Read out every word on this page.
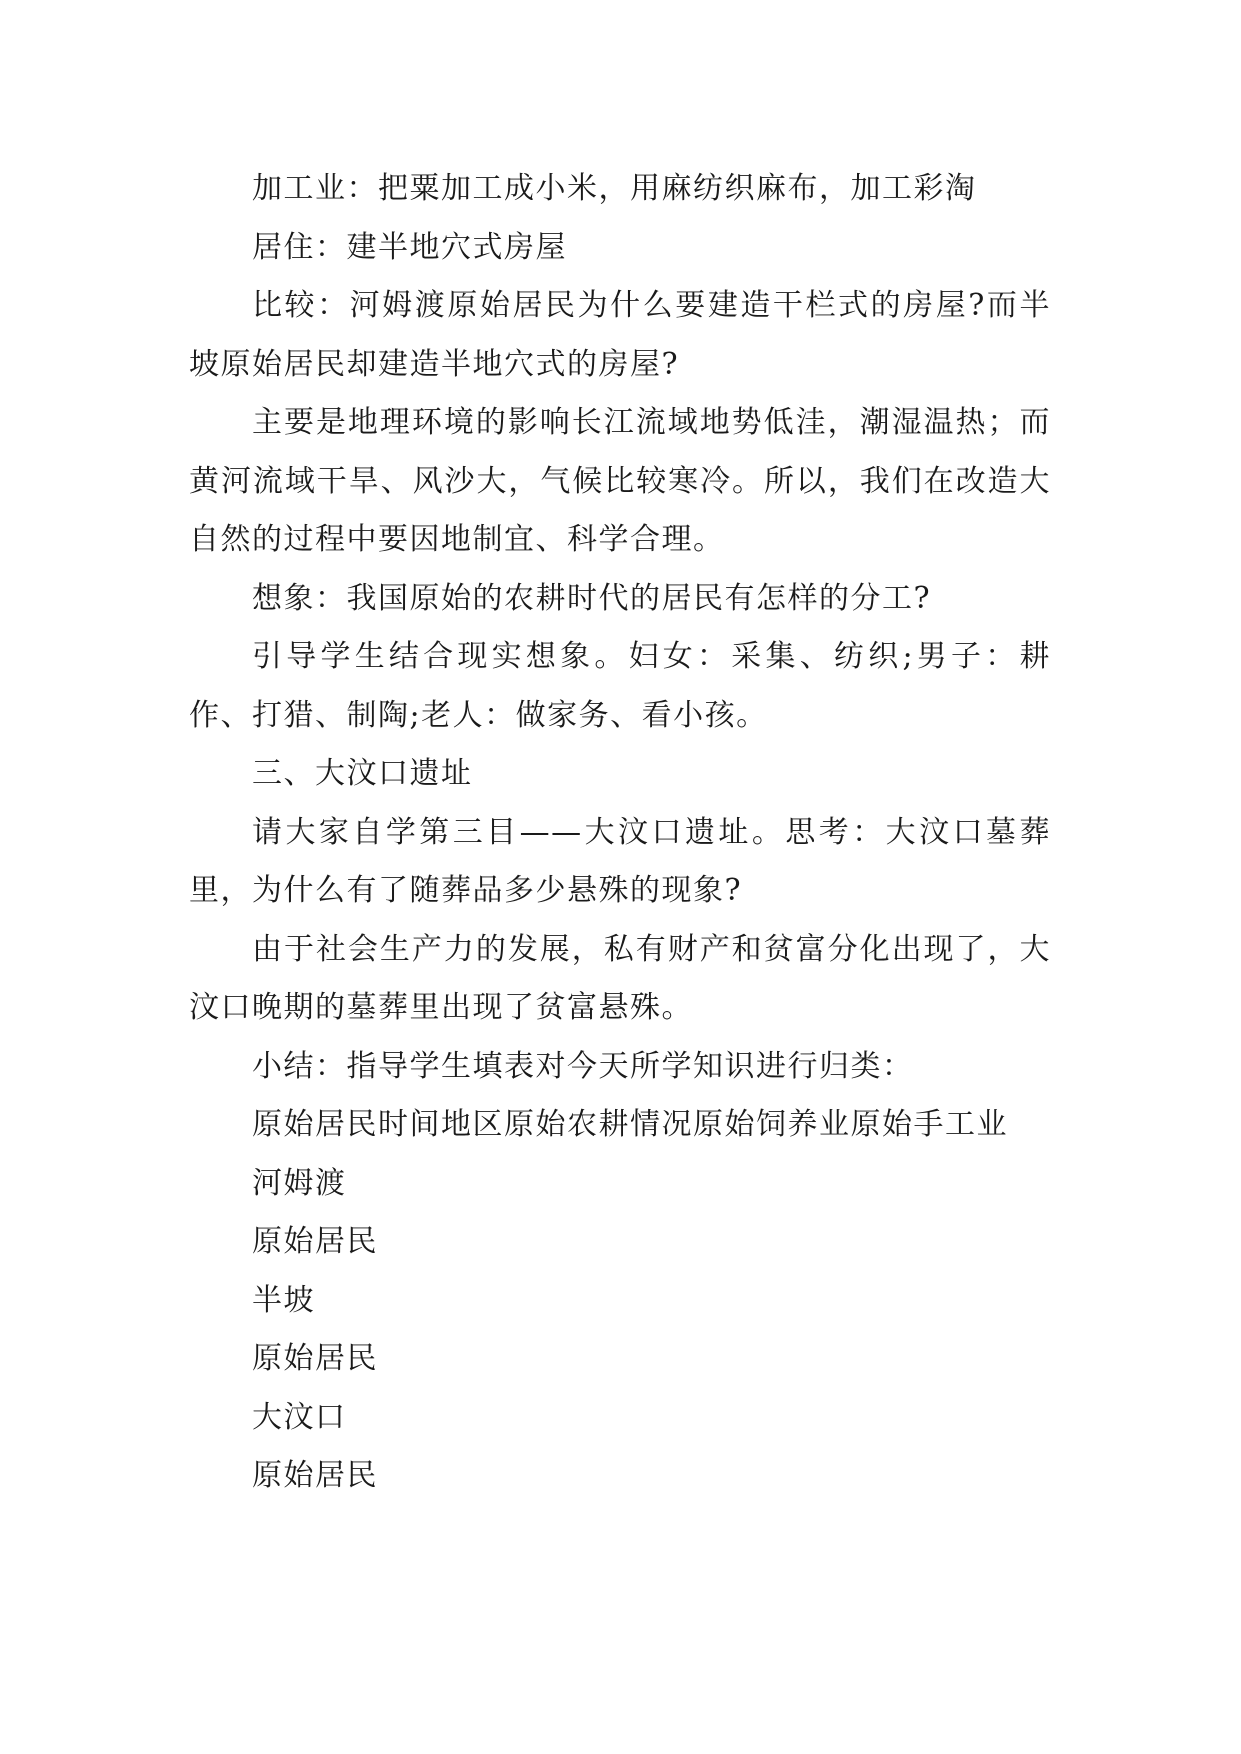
加工业：把粟加工成小米，用麻纺织麻布，加工彩淘

居住：建半地穴式房屋

比较：河姆渡原始居民为什么要建造干栏式的房屋?而半坡原始居民却建造半地穴式的房屋?

主要是地理环境的影响长江流域地势低洼，潮湿温热；而黄河流域干旱、风沙大，气候比较寒冷。所以，我们在改造大自然的过程中要因地制宜、科学合理。

想象：我国原始的农耕时代的居民有怎样的分工?

引导学生结合现实想象。妇女：采集、纺织;男子：耕作、打猎、制陶;老人：做家务、看小孩。

三、大汶口遗址

请大家自学第三目——大汶口遗址。思考：大汶口墓葬里，为什么有了随葬品多少悬殊的现象?

由于社会生产力的发展，私有财产和贫富分化出现了，大汶口晚期的墓葬里出现了贫富悬殊。

小结：指导学生填表对今天所学知识进行归类：

原始居民时间地区原始农耕情况原始饲养业原始手工业

河姆渡

原始居民

半坡

原始居民

大汶口

原始居民
